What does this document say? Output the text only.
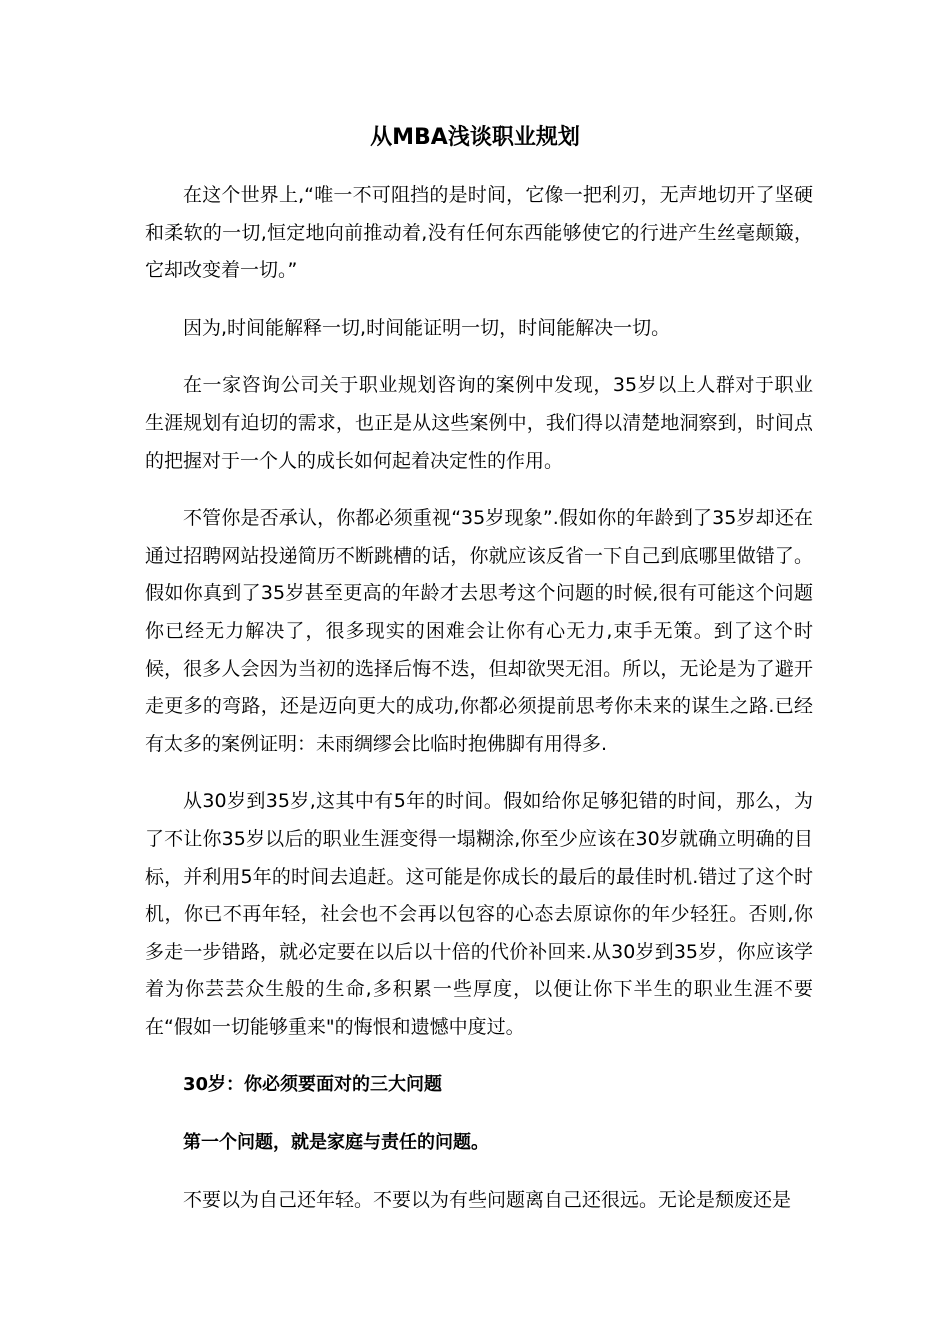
从MBA浅谈职业规划

在这个世界上,“唯一不可阻挡的是时间，它像一把利刃，无声地切开了坚硬和柔软的一切,恒定地向前推动着,没有任何东西能够使它的行进产生丝毫颠簸，它却改变着一切。”

因为,时间能解释一切,时间能证明一切，时间能解决一切。

在一家咨询公司关于职业规划咨询的案例中发现，35岁以上人群对于职业生涯规划有迫切的需求，也正是从这些案例中，我们得以清楚地洞察到，时间点的把握对于一个人的成长如何起着决定性的作用。

不管你是否承认，你都必须重视“35岁现象”.假如你的年龄到了35岁却还在通过招聘网站投递简历不断跳槽的话，你就应该反省一下自己到底哪里做错了。假如你真到了35岁甚至更高的年龄才去思考这个问题的时候,很有可能这个问题你已经无力解决了，很多现实的困难会让你有心无力,束手无策。到了这个时候，很多人会因为当初的选择后悔不迭，但却欲哭无泪。所以，无论是为了避开走更多的弯路，还是迈向更大的成功,你都必须提前思考你未来的谋生之路.已经有太多的案例证明：未雨绸缪会比临时抱佛脚有用得多.

从30岁到35岁,这其中有5年的时间。假如给你足够犯错的时间，那么，为了不让你35岁以后的职业生涯变得一塌糊涂,你至少应该在30岁就确立明确的目标，并利用5年的时间去追赶。这可能是你成长的最后的最佳时机.错过了这个时机，你已不再年轻，社会也不会再以包容的心态去原谅你的年少轻狂。否则,你多走一步错路，就必定要在以后以十倍的代价补回来.从30岁到35岁，你应该学着为你芸芸众生般的生命,多积累一些厚度，以便让你下半生的职业生涯不要在“假如一切能够重来"的悔恨和遗憾中度过。

30岁：你必须要面对的三大问题

第一个问题，就是家庭与责任的问题。

不要以为自己还年轻。不要以为有些问题离自己还很远。无论是颓废还是
